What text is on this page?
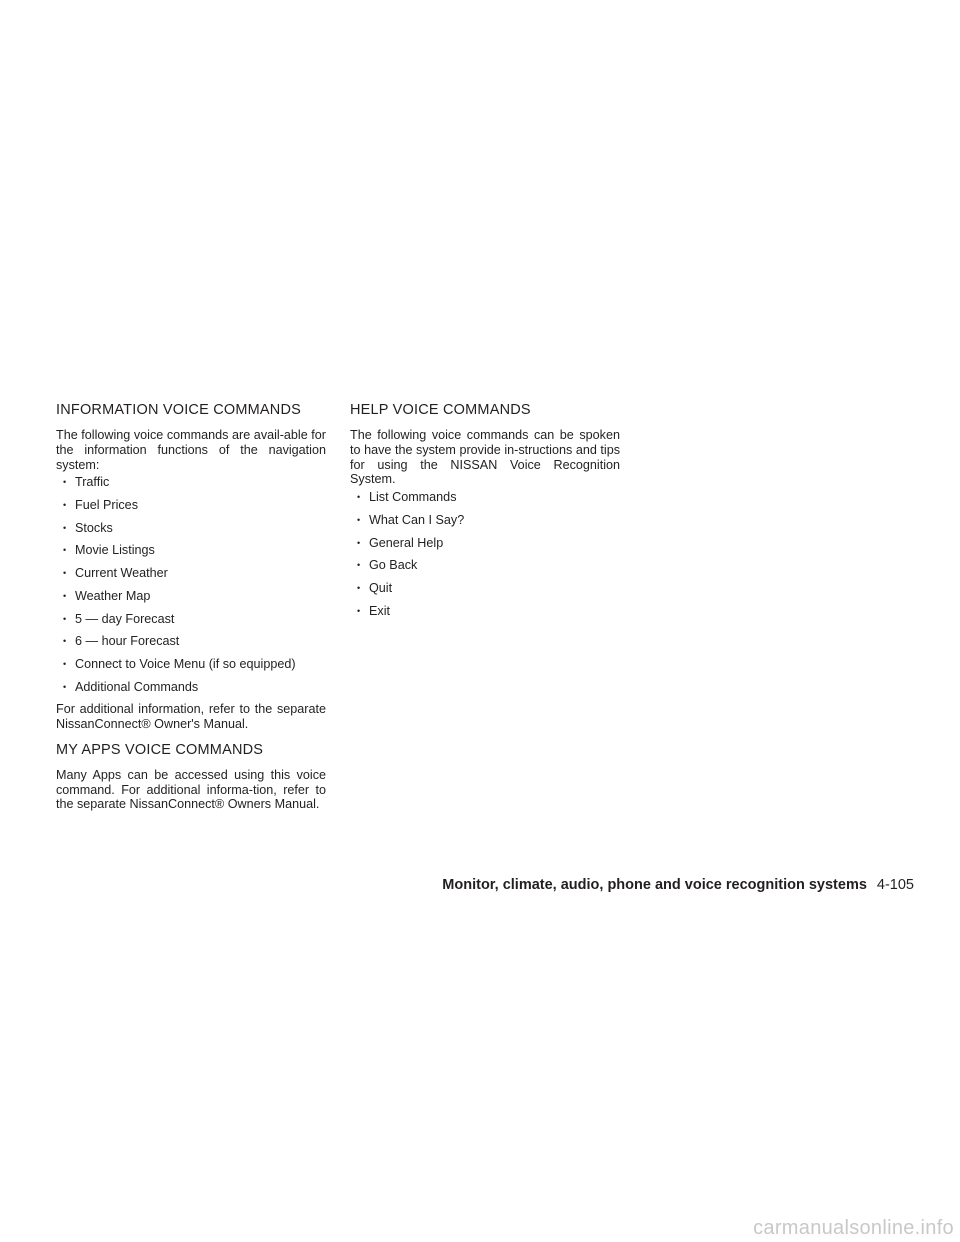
INFORMATION VOICE COMMANDS

The following voice commands are avail-able for the information functions of the navigation system:

• Traffic
• Fuel Prices
• Stocks
• Movie Listings
• Current Weather
• Weather Map
• 5 — day Forecast
• 6 — hour Forecast
• Connect to Voice Menu (if so equipped)
• Additional Commands

For additional information, refer to the separate NissanConnect® Owner's Manual.

MY APPS VOICE COMMANDS

Many Apps can be accessed using this voice command. For additional informa-tion, refer to the separate NissanConnect® Owners Manual.

HELP VOICE COMMANDS

The following voice commands can be spoken to have the system provide in-structions and tips for using the NISSAN Voice Recognition System.

• List Commands
• What Can I Say?
• General Help
• Go Back
• Quit
• Exit
Monitor, climate, audio, phone and voice recognition systems 4-105
carmanualsonline.info
